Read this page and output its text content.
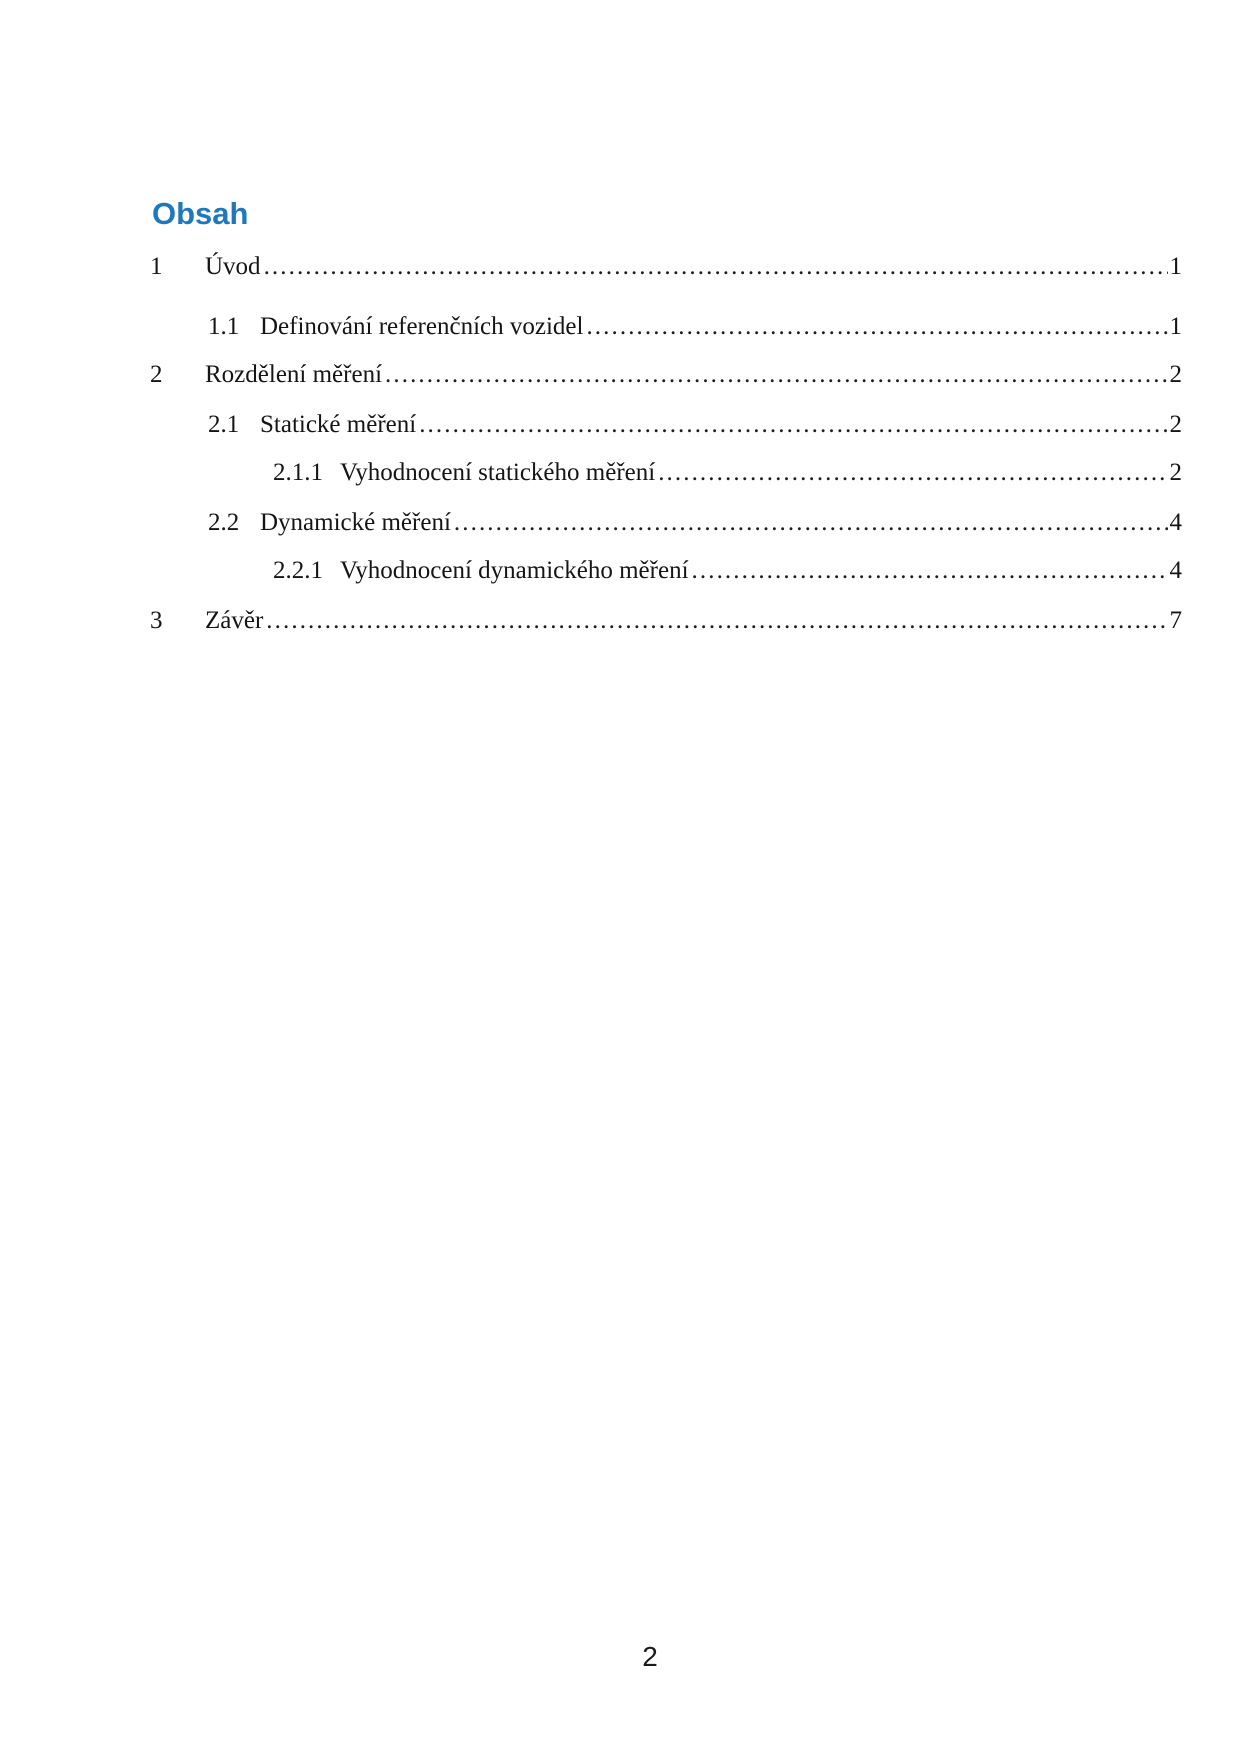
Obsah
1	Úvod .....	1
1.1 Definování referenčních vozidel .....	1
2	Rozdělení měření .....	2
2.1 Statické měření .....	2
2.1.1 Vyhodnocení statického měření .....	2
2.2 Dynamické měření .....	4
2.2.1 Vyhodnocení dynamického měření .....	4
3	Závěr .....	7
2
